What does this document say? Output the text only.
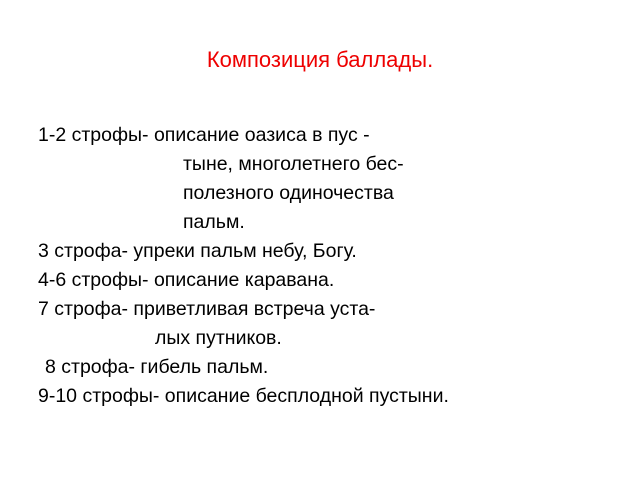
Композиция баллады.
1-2 строфы- описание оазиса в пус -
тыне, многолетнего бес-
полезного одиночества
пальм.
3 строфа- упреки пальм небу, Богу.
4-6 строфы- описание каравана.
7 строфа- приветливая встреча уста-
лых путников.
8 строфа- гибель пальм.
9-10 строфы- описание бесплодной пустыни.
